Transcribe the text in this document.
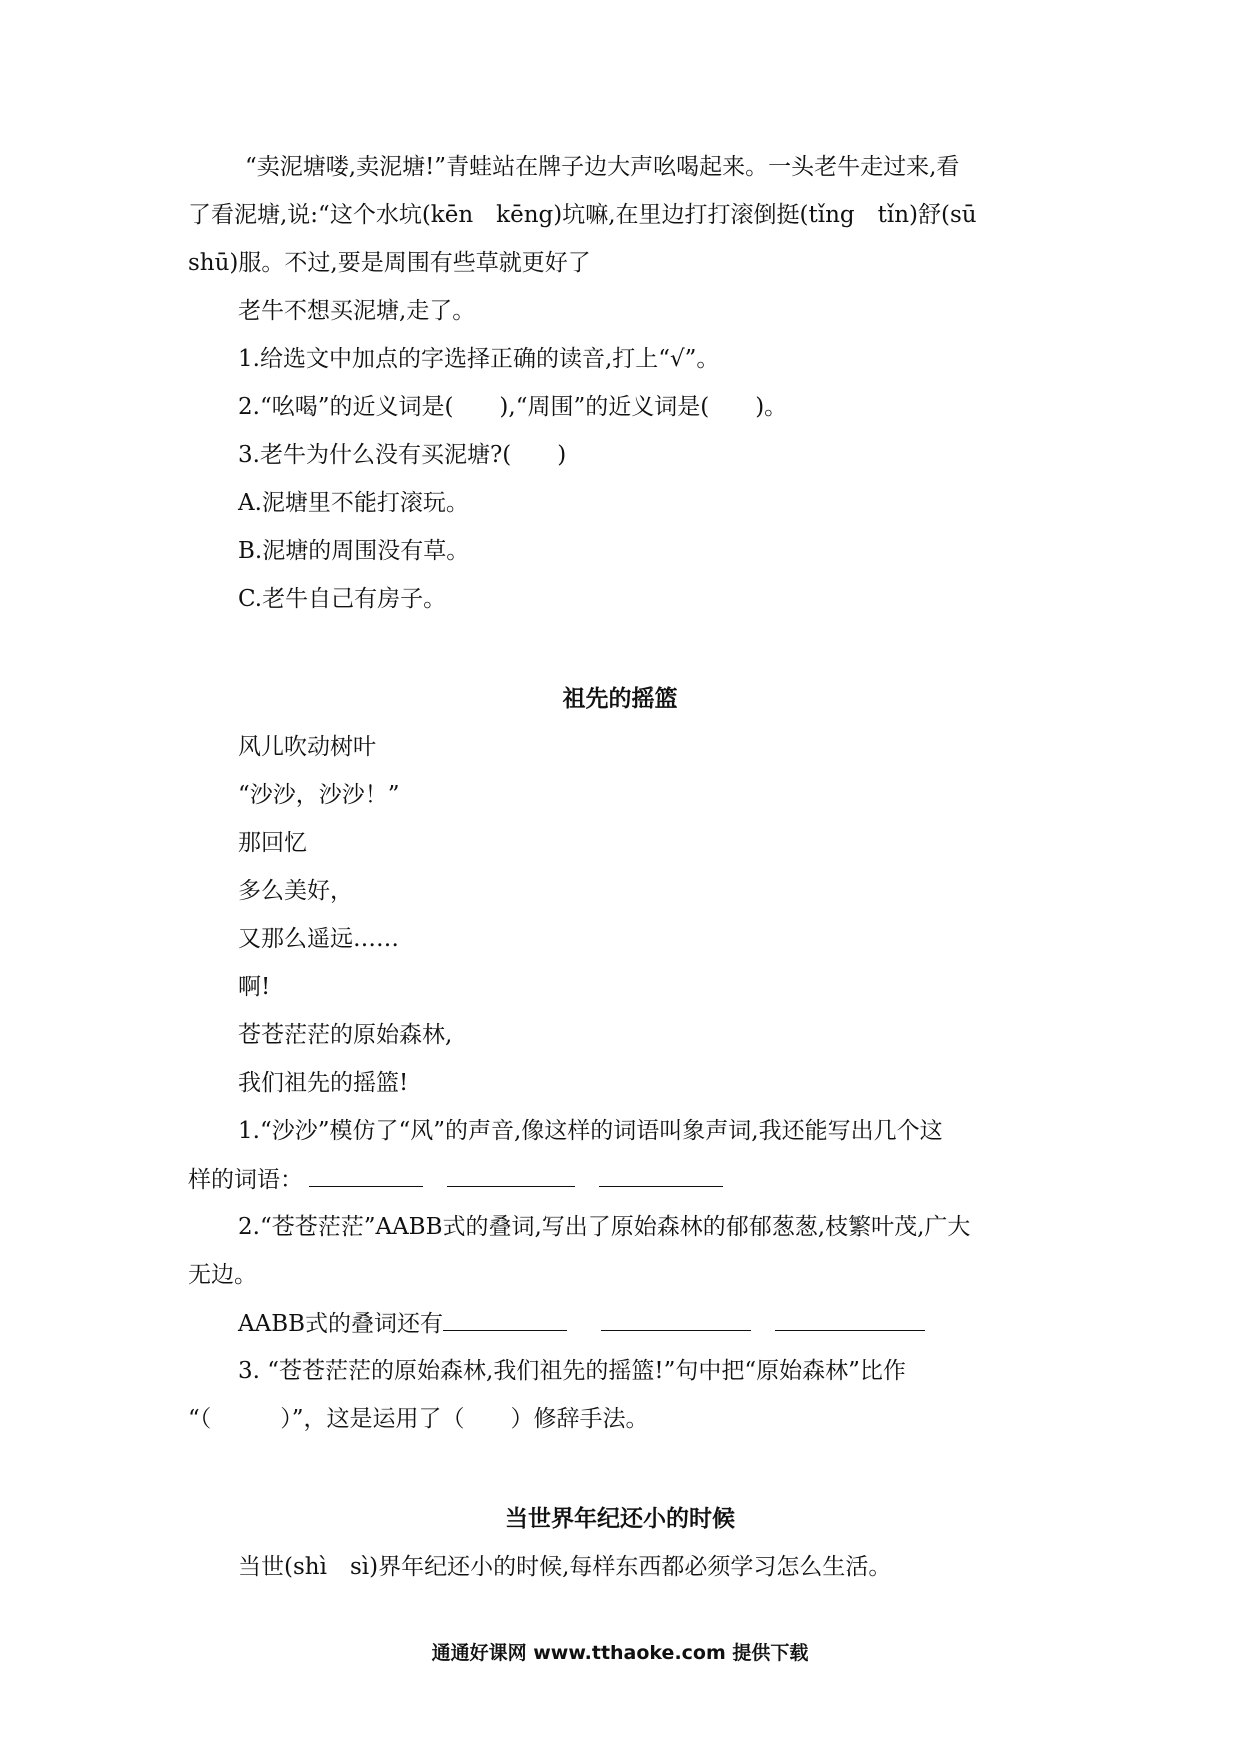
“卖泥塘喽,卖泥塘!”青蛙站在牌子边大声吆喝起来。一头老牛走过来,看
了看泥塘,说:“这个水坑(kēn　kēng)坑嘛,在里边打打滚倒挺(tǐng　tǐn)舒(sū
shū)服。不过,要是周围有些草就更好了
老牛不想买泥塘,走了。
1.给选文中加点的字选择正确的读音,打上“√”。
2.“吆喝”的近义词是(　　),“周围”的近义词是(　　)。
3.老牛为什么没有买泥塘?(　　)
A.泥塘里不能打滚玩。
B.泥塘的周围没有草。
C.老牛自己有房子。
祖先的摇篮
风儿吹动树叶
“沙沙，沙沙！”
那回忆
多么美好，
又那么遥远……
啊!
苍苍茫茫的原始森林,
我们祖先的摇篮!
1.“沙沙”模仿了“风”的声音,像这样的词语叫象声词,我还能写出几个这
样的词语：
2.“苍苍茫茫”AABB式的叠词,写出了原始森林的郁郁葱葱,枝繁叶茂,广大
无边。
AABB式的叠词还有
3. “苍苍茫茫的原始森林,我们祖先的摇篮!”句中把“原始森林”比作
“（　　　）”，这是运用了（　　）修辞手法。
当世界年纪还小的时候
当世(shì　sì)界年纪还小的时候,每样东西都必须学习怎么生活。
通通好课网 www.tthaoke.com 提供下载
